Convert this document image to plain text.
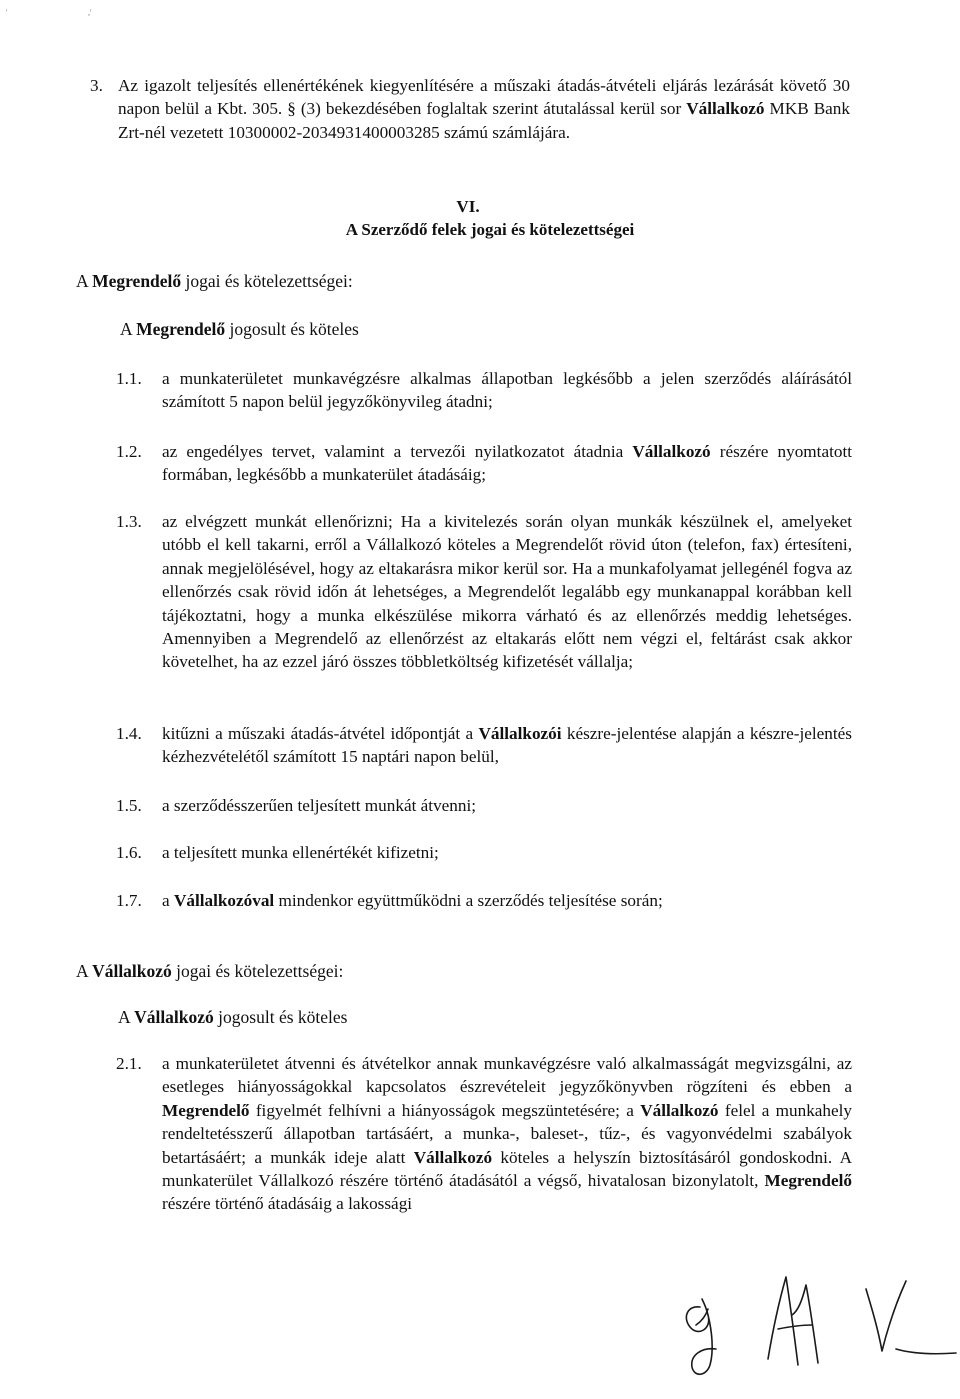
'	,'
3. Az igazolt teljesítés ellenértékének kiegyenlítésére a műszaki átadás-átvételi eljárás lezárását követő 30 napon belül a Kbt. 305. § (3) bekezdésében foglaltak szerint átutalással kerül sor Vállalkozó MKB Bank Zrt-nél vezetett 10300002-2034931400003285 számú számlájára.
VI.
A Szerződő felek jogai és kötelezettségei
A Megrendelő jogai és kötelezettségei:
A Megrendelő jogosult és köteles
1.1. a munkaterületet munkavégzésre alkalmas állapotban legkésőbb a jelen szerződés aláírásától számított 5 napon belül jegyzőkönyvileg átadni;
1.2. az engedélyes tervet, valamint a tervezői nyilatkozatot átadnia Vállalkozó részére nyomtatott formában, legkésőbb a munkaterület átadásáig;
1.3. az elvégzett munkát ellenőrizni; Ha a kivitelezés során olyan munkák készülnek el, amelyeket utóbb el kell takarni, erről a Vállalkozó köteles a Megrendelőt rövid úton (telefon, fax) értesíteni, annak megjelölésével, hogy az eltakarásra mikor kerül sor. Ha a munkafolyamat jellegénél fogva az ellenőrzés csak rövid időn át lehetséges, a Megrendelőt legalább egy munkanappal korábban kell tájékoztatni, hogy a munka elkészülése mikorra várható és az ellenőrzés meddig lehetséges. Amennyiben a Megrendelő az ellenőrzést az eltakarás előtt nem végzi el, feltárást csak akkor követelhet, ha az ezzel járó összes többletköltség kifizetését vállalja;
1.4. kitűzni a műszaki átadás-átvétel időpontját a Vállalkozói készre-jelentése alapján a készre-jelentés kézhezvételétől számított 15 naptári napon belül,
1.5. a szerződésszerűen teljesített munkát átvenni;
1.6. a teljesített munka ellenértékét kifizetni;
1.7. a Vállalkozóval mindenkor együttműködni a szerződés teljesítése során;
A Vállalkozó jogai és kötelezettségei:
A Vállalkozó jogosult és köteles
2.1. a munkaterületet átvenni és átvételkor annak munkavégzésre való alkalmasságát megvizsgálni, az esetleges hiányosságokkal kapcsolatos észrevételeit jegyzőkönyvben rögzíteni és ebben a Megrendelő figyelmét felhívni a hiányosságok megszüntetésére; a Vállalkozó felel a munkahely rendeltetésszerű állapotban tartásáért, a munka-, baleset-, tűz-, és vagyonvédelmi szabályok betartásáért; a munkák ideje alatt Vállalkozó köteles a helyszín biztosításáról gondoskodni. A munkaterület Vállalkozó részére történő átadásától a végső, hivatalosan bizonylatolt, Megrendelő részére történő átadásáig a lakossági
